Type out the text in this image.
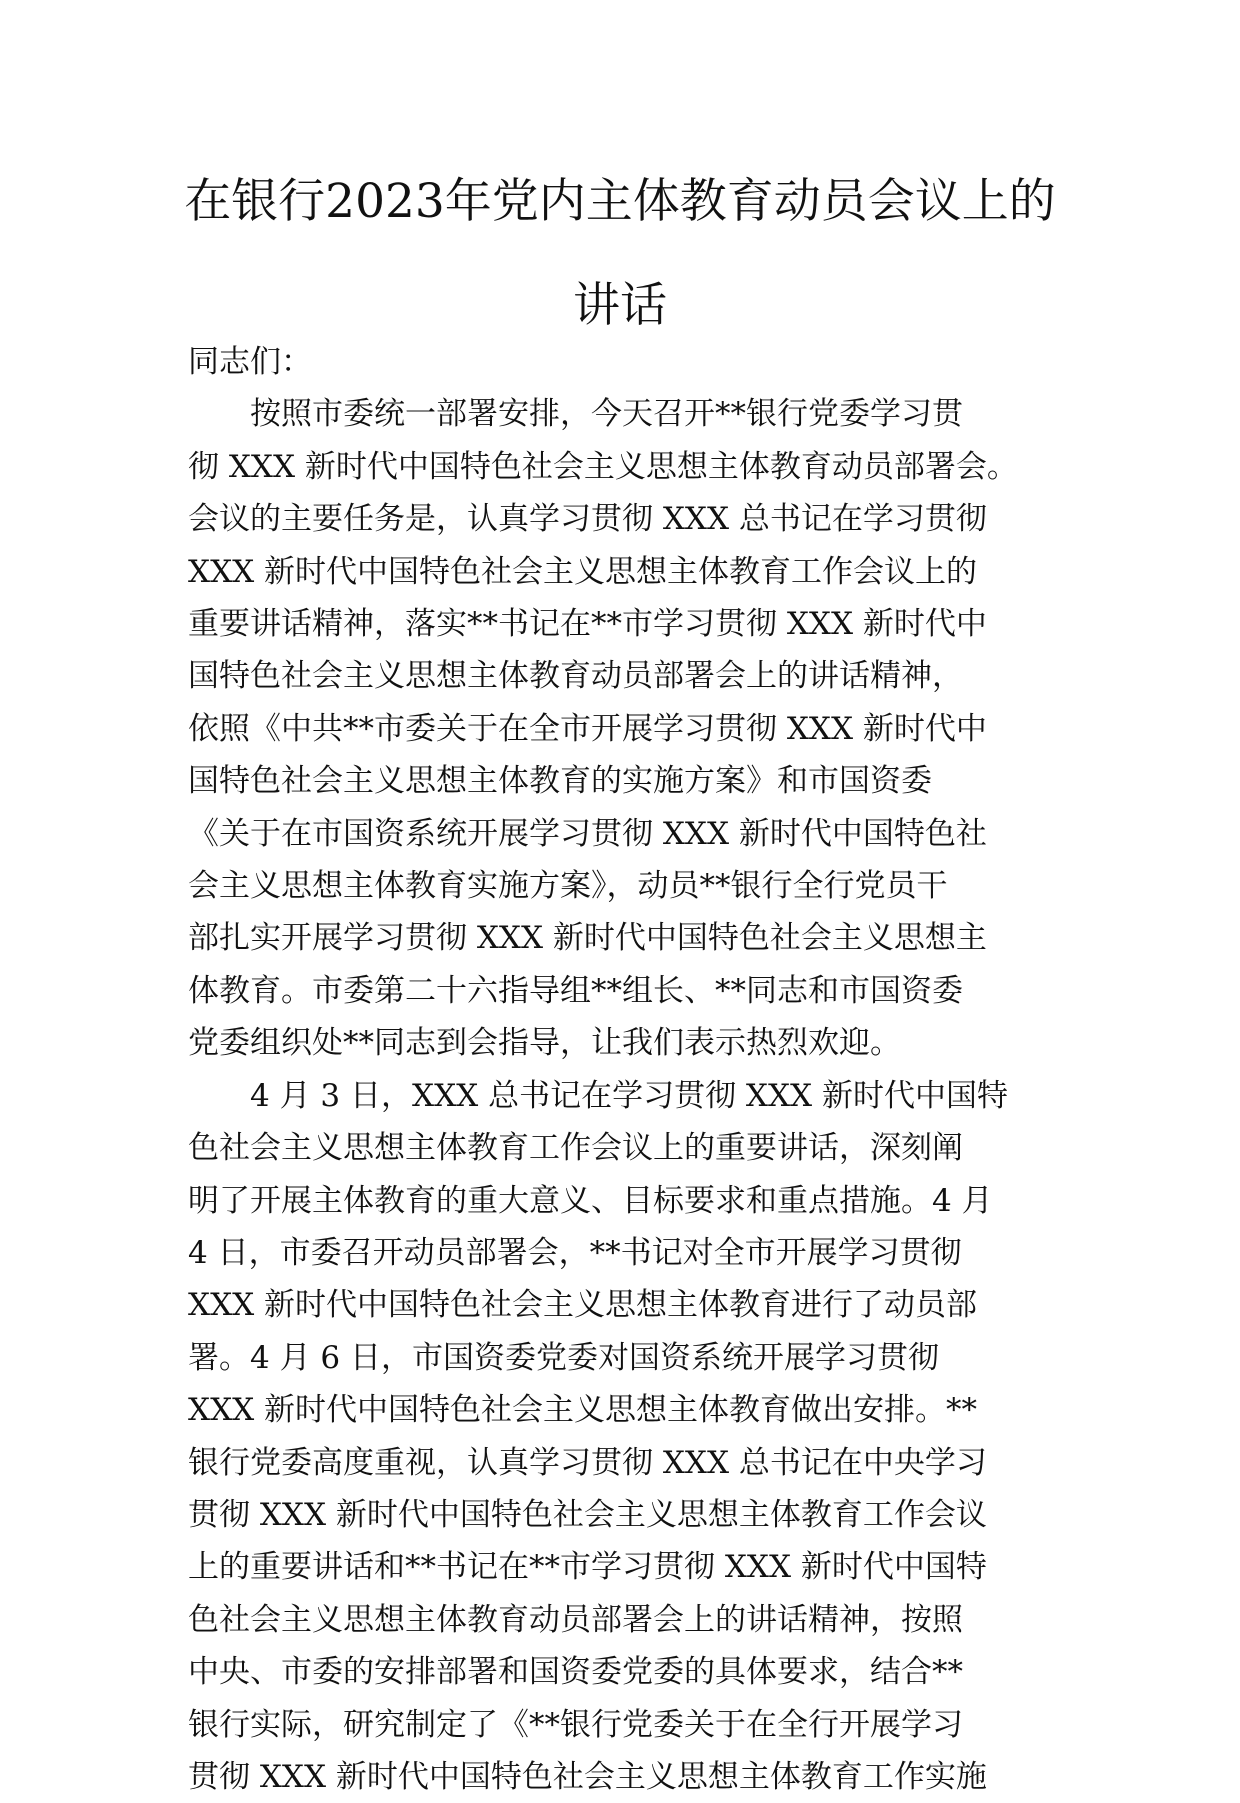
在银行2023年党内主体教育动员会议上的
讲话
同志们：
按照市委统一部署安排，今天召开**银行党委学习贯
彻 XXX 新时代中国特色社会主义思想主体教育动员部署会。
会议的主要任务是，认真学习贯彻 XXX 总书记在学习贯彻
XXX 新时代中国特色社会主义思想主体教育工作会议上的
重要讲话精神，落实**书记在**市学习贯彻 XXX 新时代中
国特色社会主义思想主体教育动员部署会上的讲话精神，
依照《中共**市委关于在全市开展学习贯彻 XXX 新时代中
国特色社会主义思想主体教育的实施方案》和市国资委
《关于在市国资系统开展学习贯彻 XXX 新时代中国特色社
会主义思想主体教育实施方案》，动员**银行全行党员干
部扎实开展学习贯彻 XXX 新时代中国特色社会主义思想主
体教育。市委第二十六指导组**组长、**同志和市国资委
党委组织处**同志到会指导，让我们表示热烈欢迎。
4 月 3 日，XXX 总书记在学习贯彻 XXX 新时代中国特
色社会主义思想主体教育工作会议上的重要讲话，深刻阐
明了开展主体教育的重大意义、目标要求和重点措施。4 月
4 日，市委召开动员部署会，**书记对全市开展学习贯彻
XXX 新时代中国特色社会主义思想主体教育进行了动员部
署。4 月 6 日，市国资委党委对国资系统开展学习贯彻
XXX 新时代中国特色社会主义思想主体教育做出安排。**
银行党委高度重视，认真学习贯彻 XXX 总书记在中央学习
贯彻 XXX 新时代中国特色社会主义思想主体教育工作会议
上的重要讲话和**书记在**市学习贯彻 XXX 新时代中国特
色社会主义思想主体教育动员部署会上的讲话精神，按照
中央、市委的安排部署和国资委党委的具体要求，结合**
银行实际，研究制定了《**银行党委关于在全行开展学习
贯彻 XXX 新时代中国特色社会主义思想主体教育工作实施
